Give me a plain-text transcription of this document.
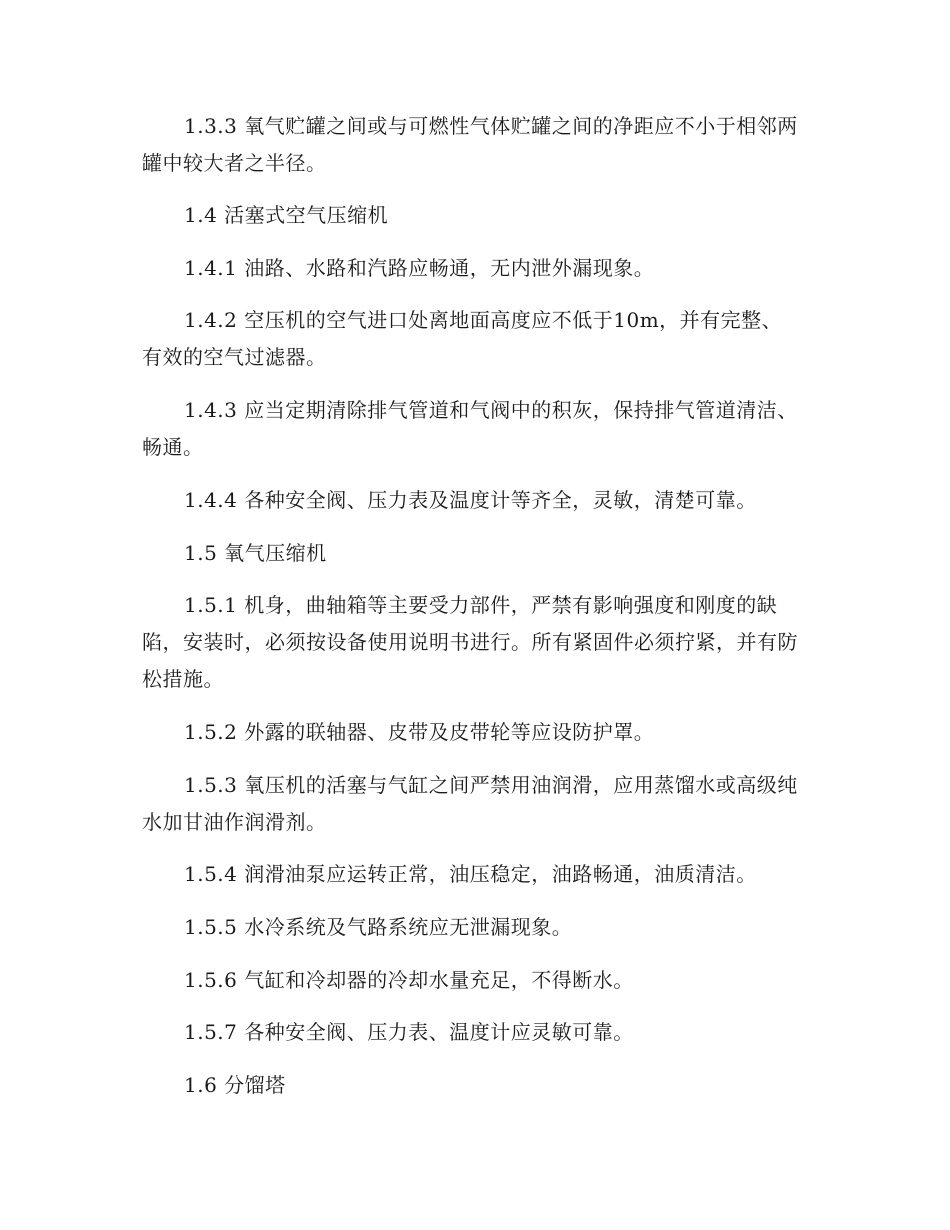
1.3.3 氧气贮罐之间或与可燃性气体贮罐之间的净距应不小于相邻两罐中较大者之半径。

1.4 活塞式空气压缩机

1.4.1 油路、水路和汽路应畅通，无内泄外漏现象。

1.4.2 空压机的空气进口处离地面高度应不低于10m，并有完整、有效的空气过滤器。

1.4.3 应当定期清除排气管道和气阀中的积灰，保持排气管道清洁、畅通。

1.4.4 各种安全阀、压力表及温度计等齐全，灵敏，清楚可靠。

1.5 氧气压缩机

1.5.1 机身，曲轴箱等主要受力部件，严禁有影响强度和刚度的缺陷，安装时，必须按设备使用说明书进行。所有紧固件必须拧紧，并有防松措施。

1.5.2 外露的联轴器、皮带及皮带轮等应设防护罩。

1.5.3 氧压机的活塞与气缸之间严禁用油润滑，应用蒸馏水或高级纯水加甘油作润滑剂。

1.5.4 润滑油泵应运转正常，油压稳定，油路畅通，油质清洁。

1.5.5 水冷系统及气路系统应无泄漏现象。

1.5.6 气缸和冷却器的冷却水量充足，不得断水。

1.5.7 各种安全阀、压力表、温度计应灵敏可靠。

1.6 分馏塔
